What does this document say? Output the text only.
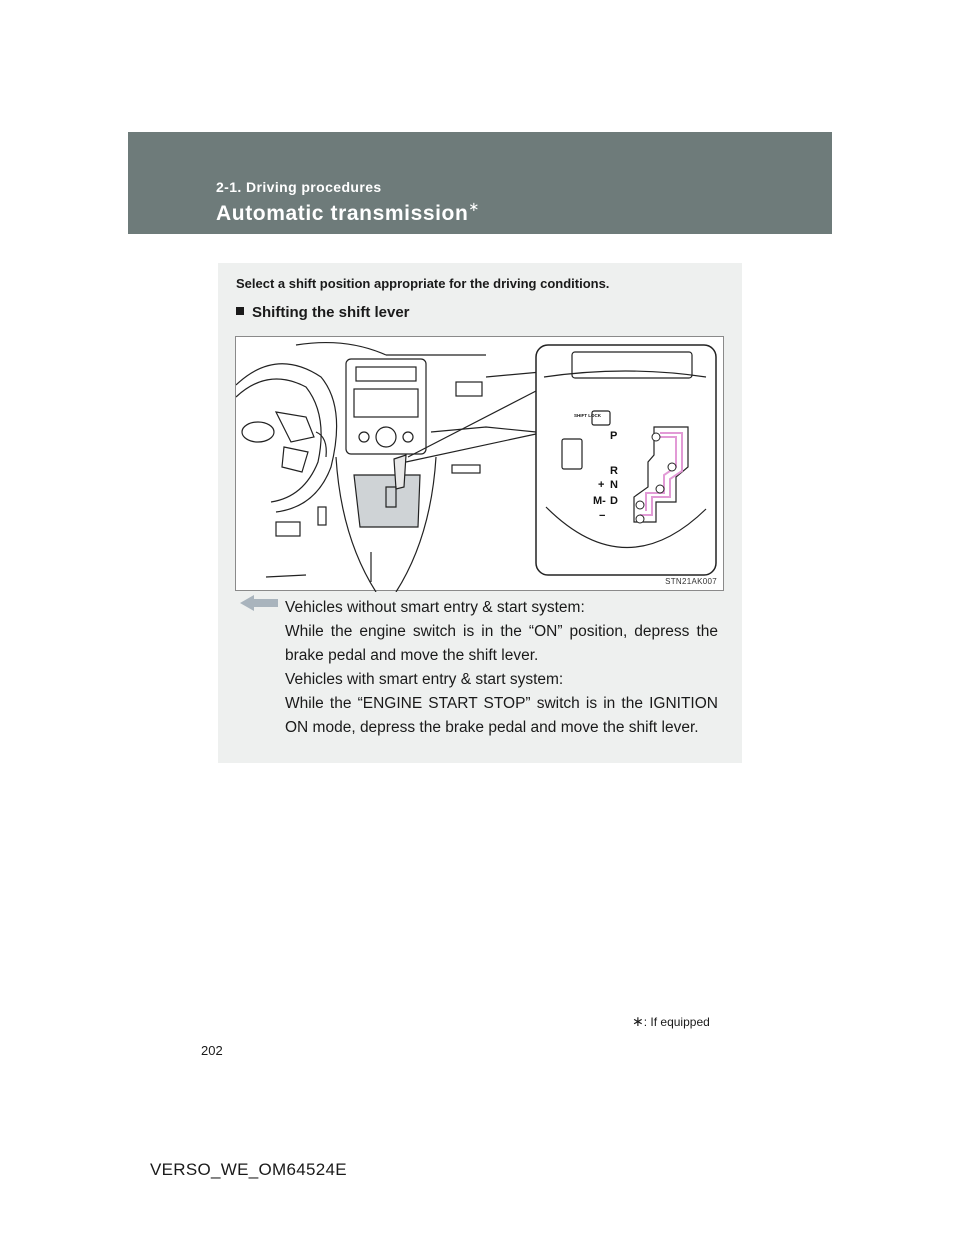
2-1. Driving procedures
Automatic transmission∗
Select a shift position appropriate for the driving conditions.
Shifting the shift lever
SHIFT LOCK
P
R
N
D
M-
+
−
STN21AK007

Vehicles without smart entry & start system:

While the engine switch is in the “ON” position, depress the brake pedal and move the shift lever.

Vehicles with smart entry & start system:

While the “ENGINE START STOP” switch is in the IGNITION ON mode, depress the brake pedal and move the shift lever.

∗: If equipped
202
VERSO_WE_OM64524E
